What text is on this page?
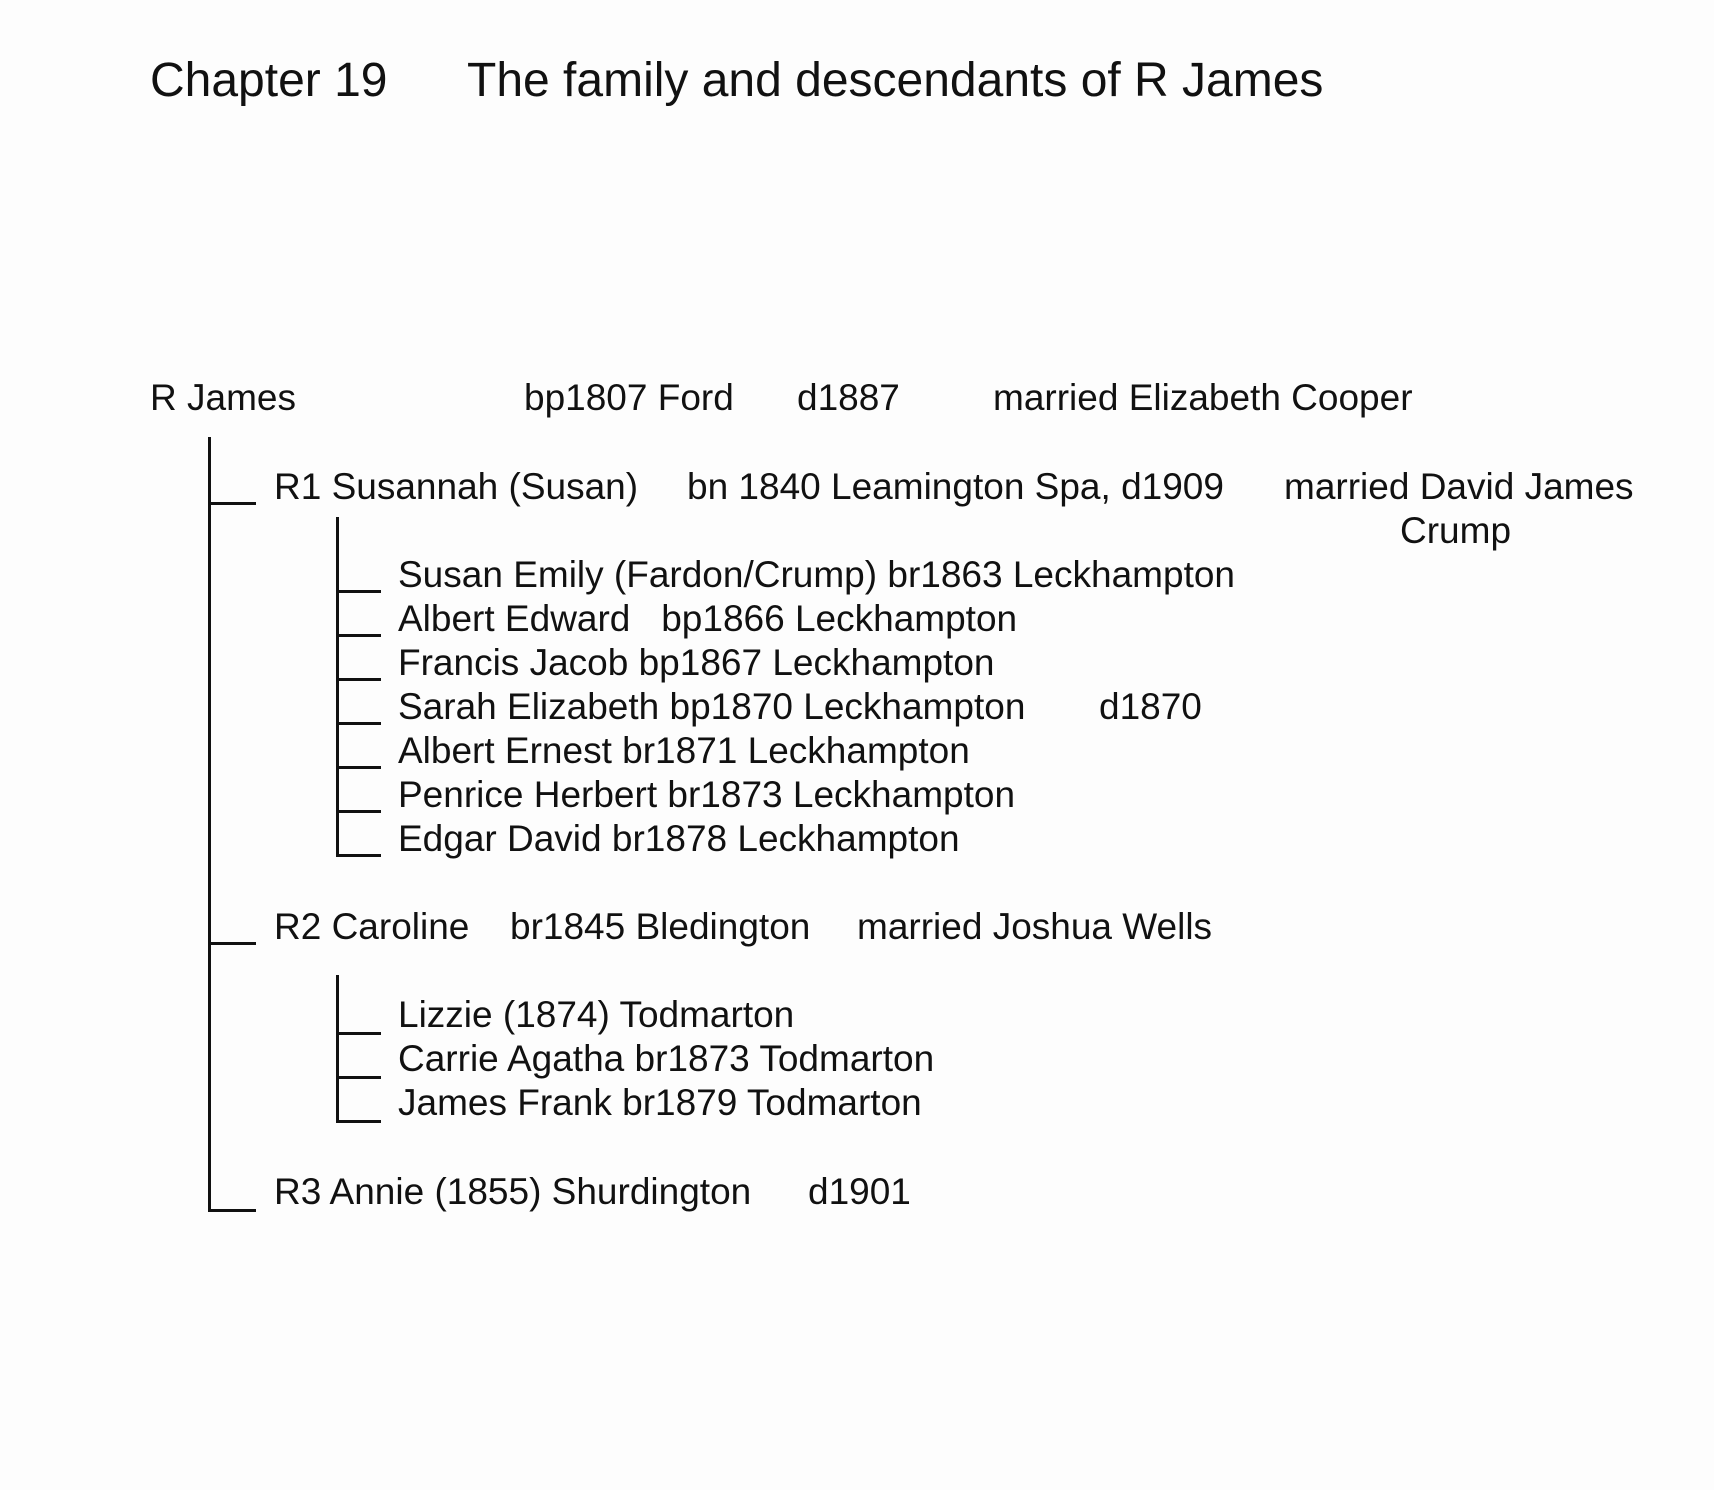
Chapter 19 The family and descendants of R James
R James	bp1807 Ford d1887	married Elizabeth Cooper
R1 Susannah (Susan) bn 1840 Leamington Spa, d1909 married David James
Crump
Susan Emily (Fardon/Crump) br1863 Leckhampton
Albert Edward   bp1866 Leckhampton
Francis Jacob bp1867 Leckhampton
Sarah Elizabeth bp1870 Leckhampton d1870
Albert Ernest br1871 Leckhampton
Penrice Herbert br1873 Leckhampton
Edgar David br1878 Leckhampton
R2 Caroline br1845 Bledington married Joshua Wells
Lizzie (1874) Todmarton
Carrie Agatha br1873 Todmarton
James Frank br1879 Todmarton
R3 Annie (1855) Shurdington d1901
